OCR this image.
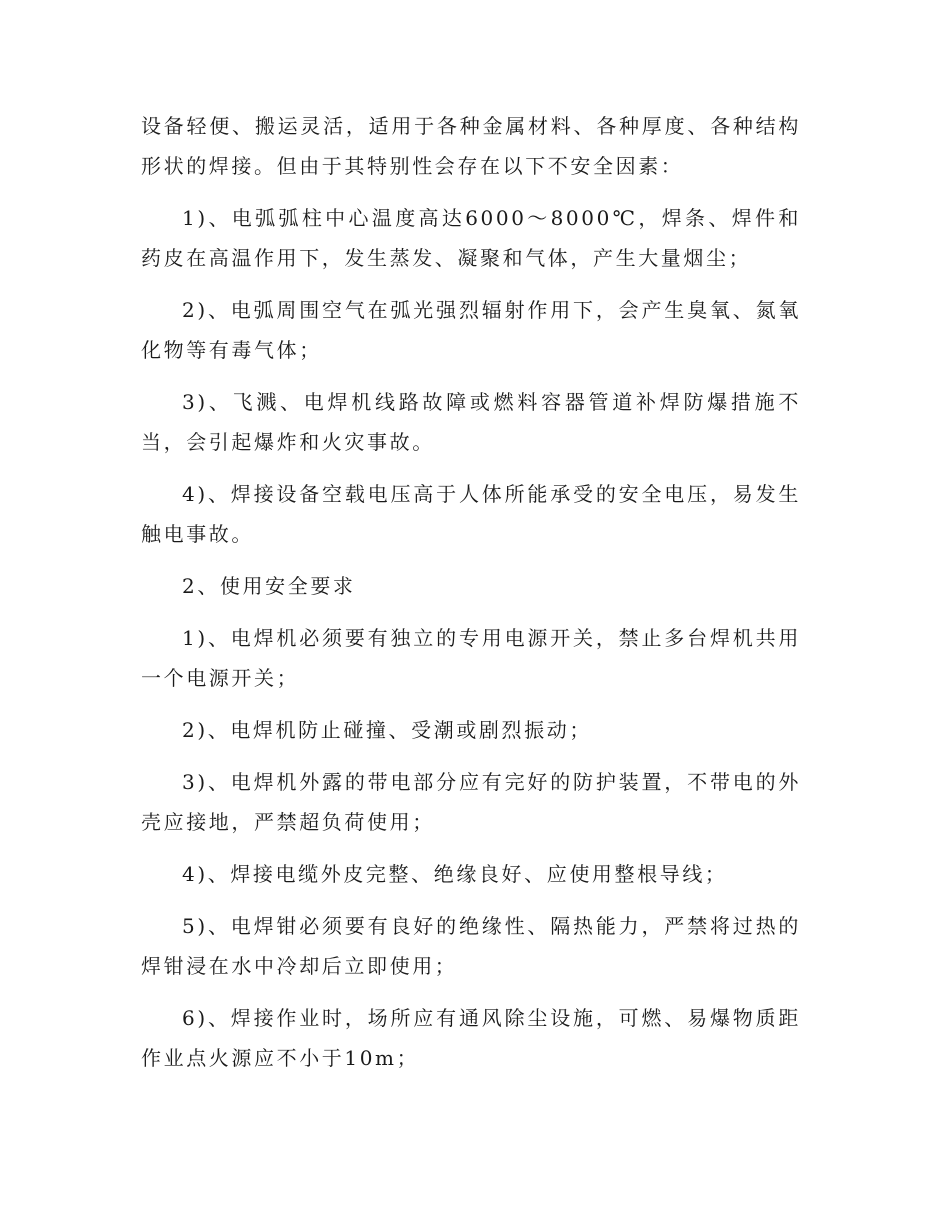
设备轻便、搬运灵活，适用于各种金属材料、各种厚度、各种结构形状的焊接。但由于其特别性会存在以下不安全因素：

1)、电弧弧柱中心温度高达6000～8000℃，焊条、焊件和药皮在高温作用下，发生蒸发、凝聚和气体，产生大量烟尘；

2)、电弧周围空气在弧光强烈辐射作用下，会产生臭氧、氮氧化物等有毒气体；

3)、飞溅、电焊机线路故障或燃料容器管道补焊防爆措施不当，会引起爆炸和火灾事故。

4)、焊接设备空载电压高于人体所能承受的安全电压，易发生触电事故。

2、使用安全要求

1)、电焊机必须要有独立的专用电源开关，禁止多台焊机共用一个电源开关；

2)、电焊机防止碰撞、受潮或剧烈振动；

3)、电焊机外露的带电部分应有完好的防护装置，不带电的外壳应接地，严禁超负荷使用；

4)、焊接电缆外皮完整、绝缘良好、应使用整根导线；

5)、电焊钳必须要有良好的绝缘性、隔热能力，严禁将过热的焊钳浸在水中冷却后立即使用；

6)、焊接作业时，场所应有通风除尘设施，可燃、易爆物质距作业点火源应不小于10m；
